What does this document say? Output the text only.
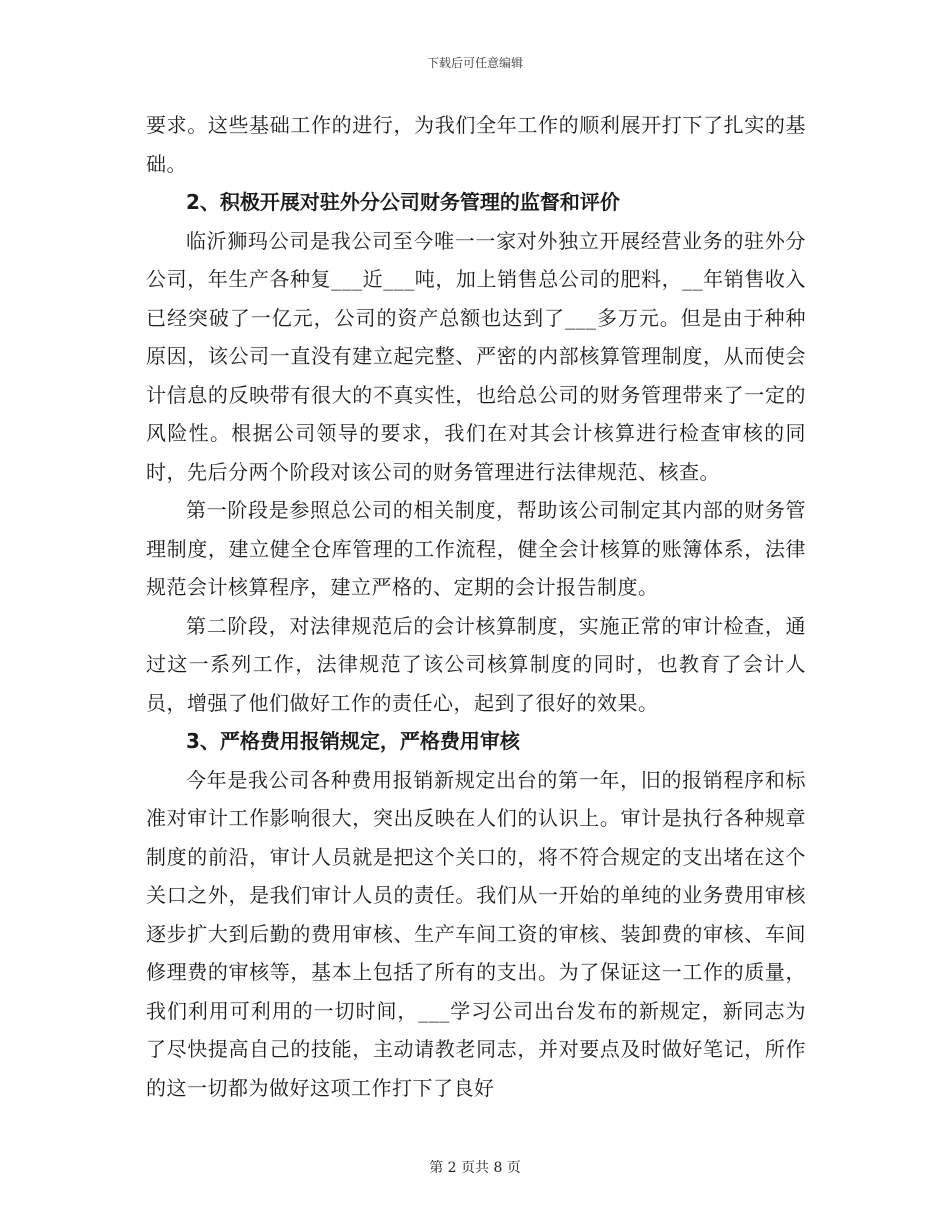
下载后可任意编辑

要求。这些基础工作的进行，为我们全年工作的顺利展开打下了扎实的基础。

2、积极开展对驻外分公司财务管理的监督和评价

临沂狮玛公司是我公司至今唯一一家对外独立开展经营业务的驻外分公司，年生产各种复___近___吨，加上销售总公司的肥料，__年销售收入已经突破了一亿元，公司的资产总额也达到了___多万元。但是由于种种原因，该公司一直没有建立起完整、严密的内部核算管理制度，从而使会计信息的反映带有很大的不真实性，也给总公司的财务管理带来了一定的风险性。根据公司领导的要求，我们在对其会计核算进行检查审核的同时，先后分两个阶段对该公司的财务管理进行法律规范、核查。

第一阶段是参照总公司的相关制度，帮助该公司制定其内部的财务管理制度，建立健全仓库管理的工作流程，健全会计核算的账簿体系，法律规范会计核算程序，建立严格的、定期的会计报告制度。

第二阶段，对法律规范后的会计核算制度，实施正常的审计检查，通过这一系列工作，法律规范了该公司核算制度的同时，也教育了会计人员，增强了他们做好工作的责任心，起到了很好的效果。

3、严格费用报销规定，严格费用审核

今年是我公司各种费用报销新规定出台的第一年，旧的报销程序和标准对审计工作影响很大，突出反映在人们的认识上。审计是执行各种规章制度的前沿，审计人员就是把这个关口的，将不符合规定的支出堵在这个关口之外，是我们审计人员的责任。我们从一开始的单纯的业务费用审核逐步扩大到后勤的费用审核、生产车间工资的审核、装卸费的审核、车间修理费的审核等，基本上包括了所有的支出。为了保证这一工作的质量，我们利用可利用的一切时间，___学习公司出台发布的新规定，新同志为了尽快提高自己的技能，主动请教老同志，并对要点及时做好笔记，所作的这一切都为做好这项工作打下了良好

第 2 页共 8 页
